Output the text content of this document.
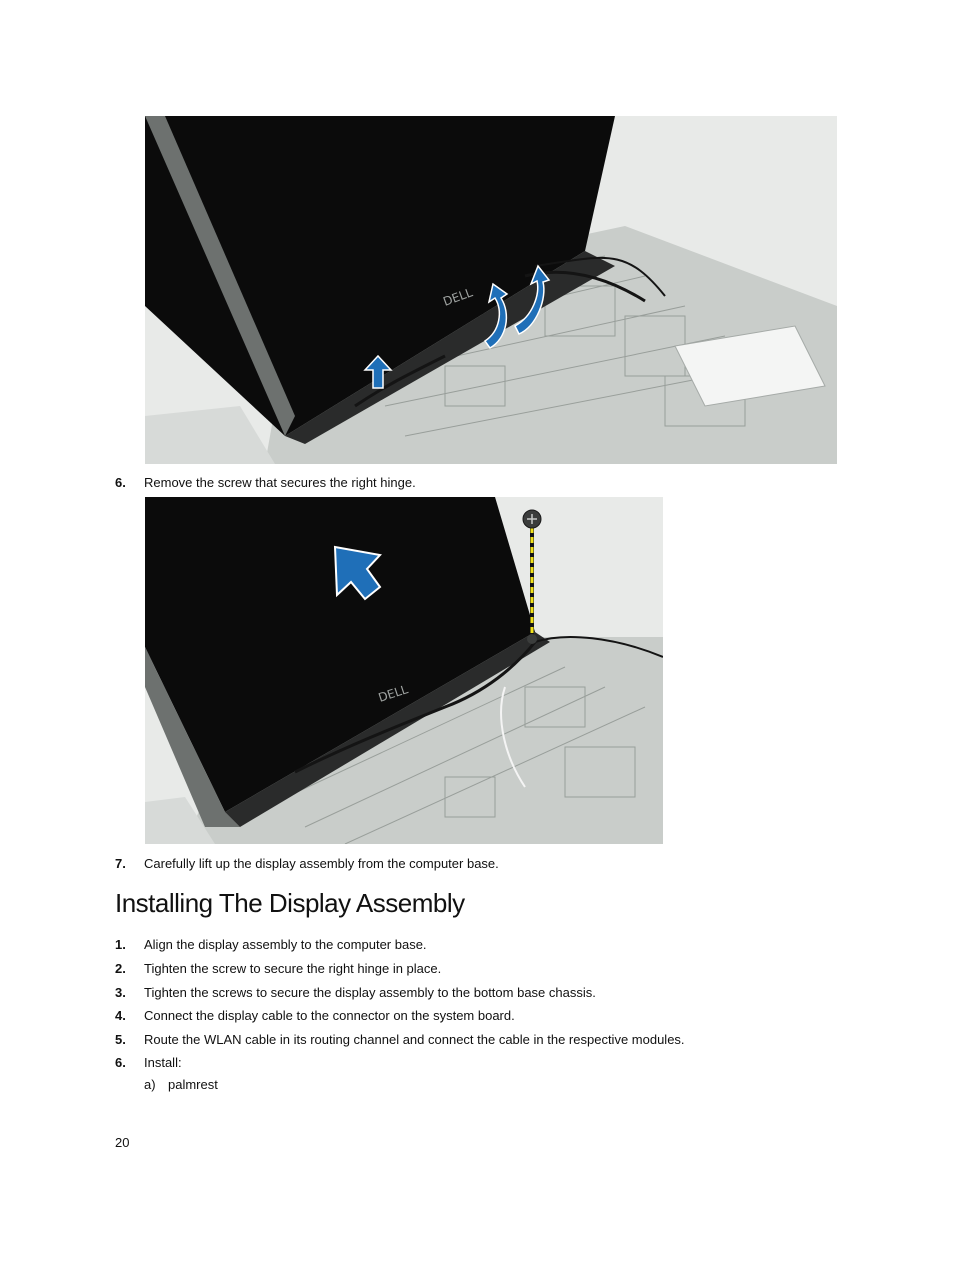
DELL
6. Remove the screw that secures the right hinge.
DELL
7. Carefully lift up the display assembly from the computer base.
Installing The Display Assembly
1. Align the display assembly to the computer base.
2. Tighten the screw to secure the right hinge in place.
3. Tighten the screws to secure the display assembly to the bottom base chassis.
4. Connect the display cable to the connector on the system board.
5. Route the WLAN cable in its routing channel and connect the cable in the respective modules.
6. Install:
a) palmrest
20
